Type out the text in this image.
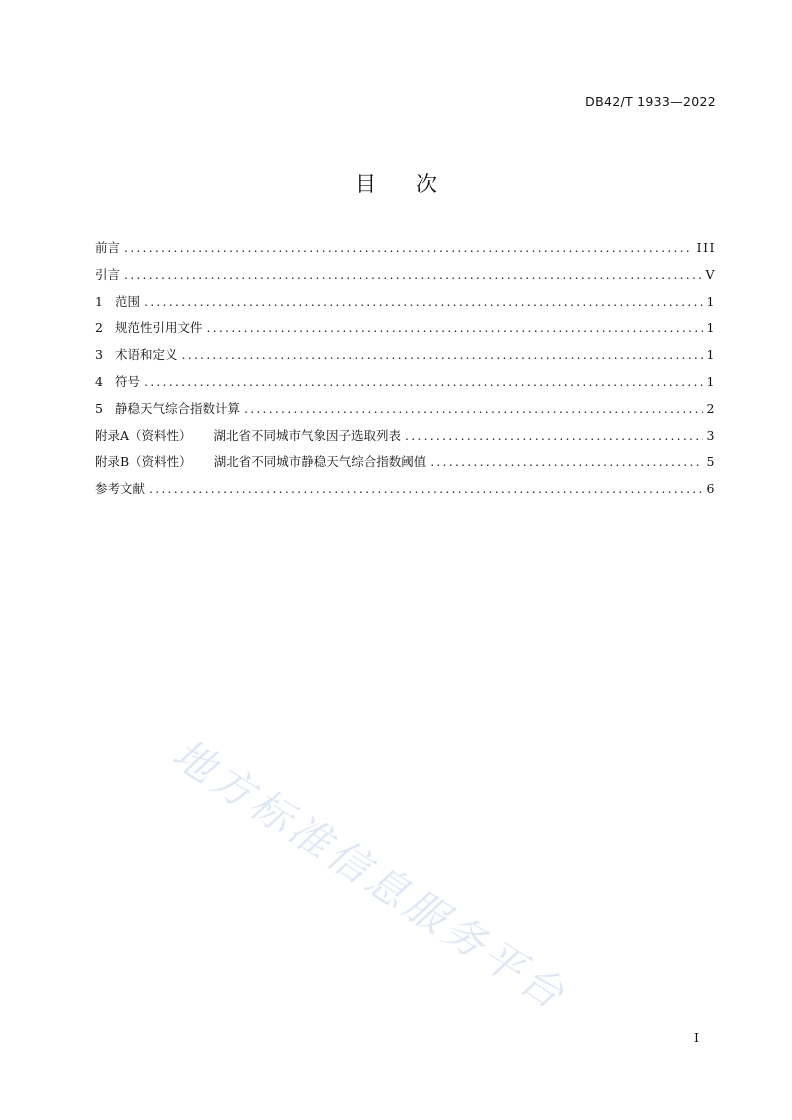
DB42/T 1933—2022
目 次
前言 .....	III
引言 .....	V
1 范围 .....	1
2 规范性引用文件 .....	1
3 术语和定义 .....	1
4 符号 .....	1
5 静稳天气综合指数计算 .....	2
附录A（资料性） 湖北省不同城市气象因子选取列表 .....	3
附录B（资料性） 湖北省不同城市静稳天气综合指数阈值 .....	5
参考文献 .....	6
地方标准信息服务平台
I
